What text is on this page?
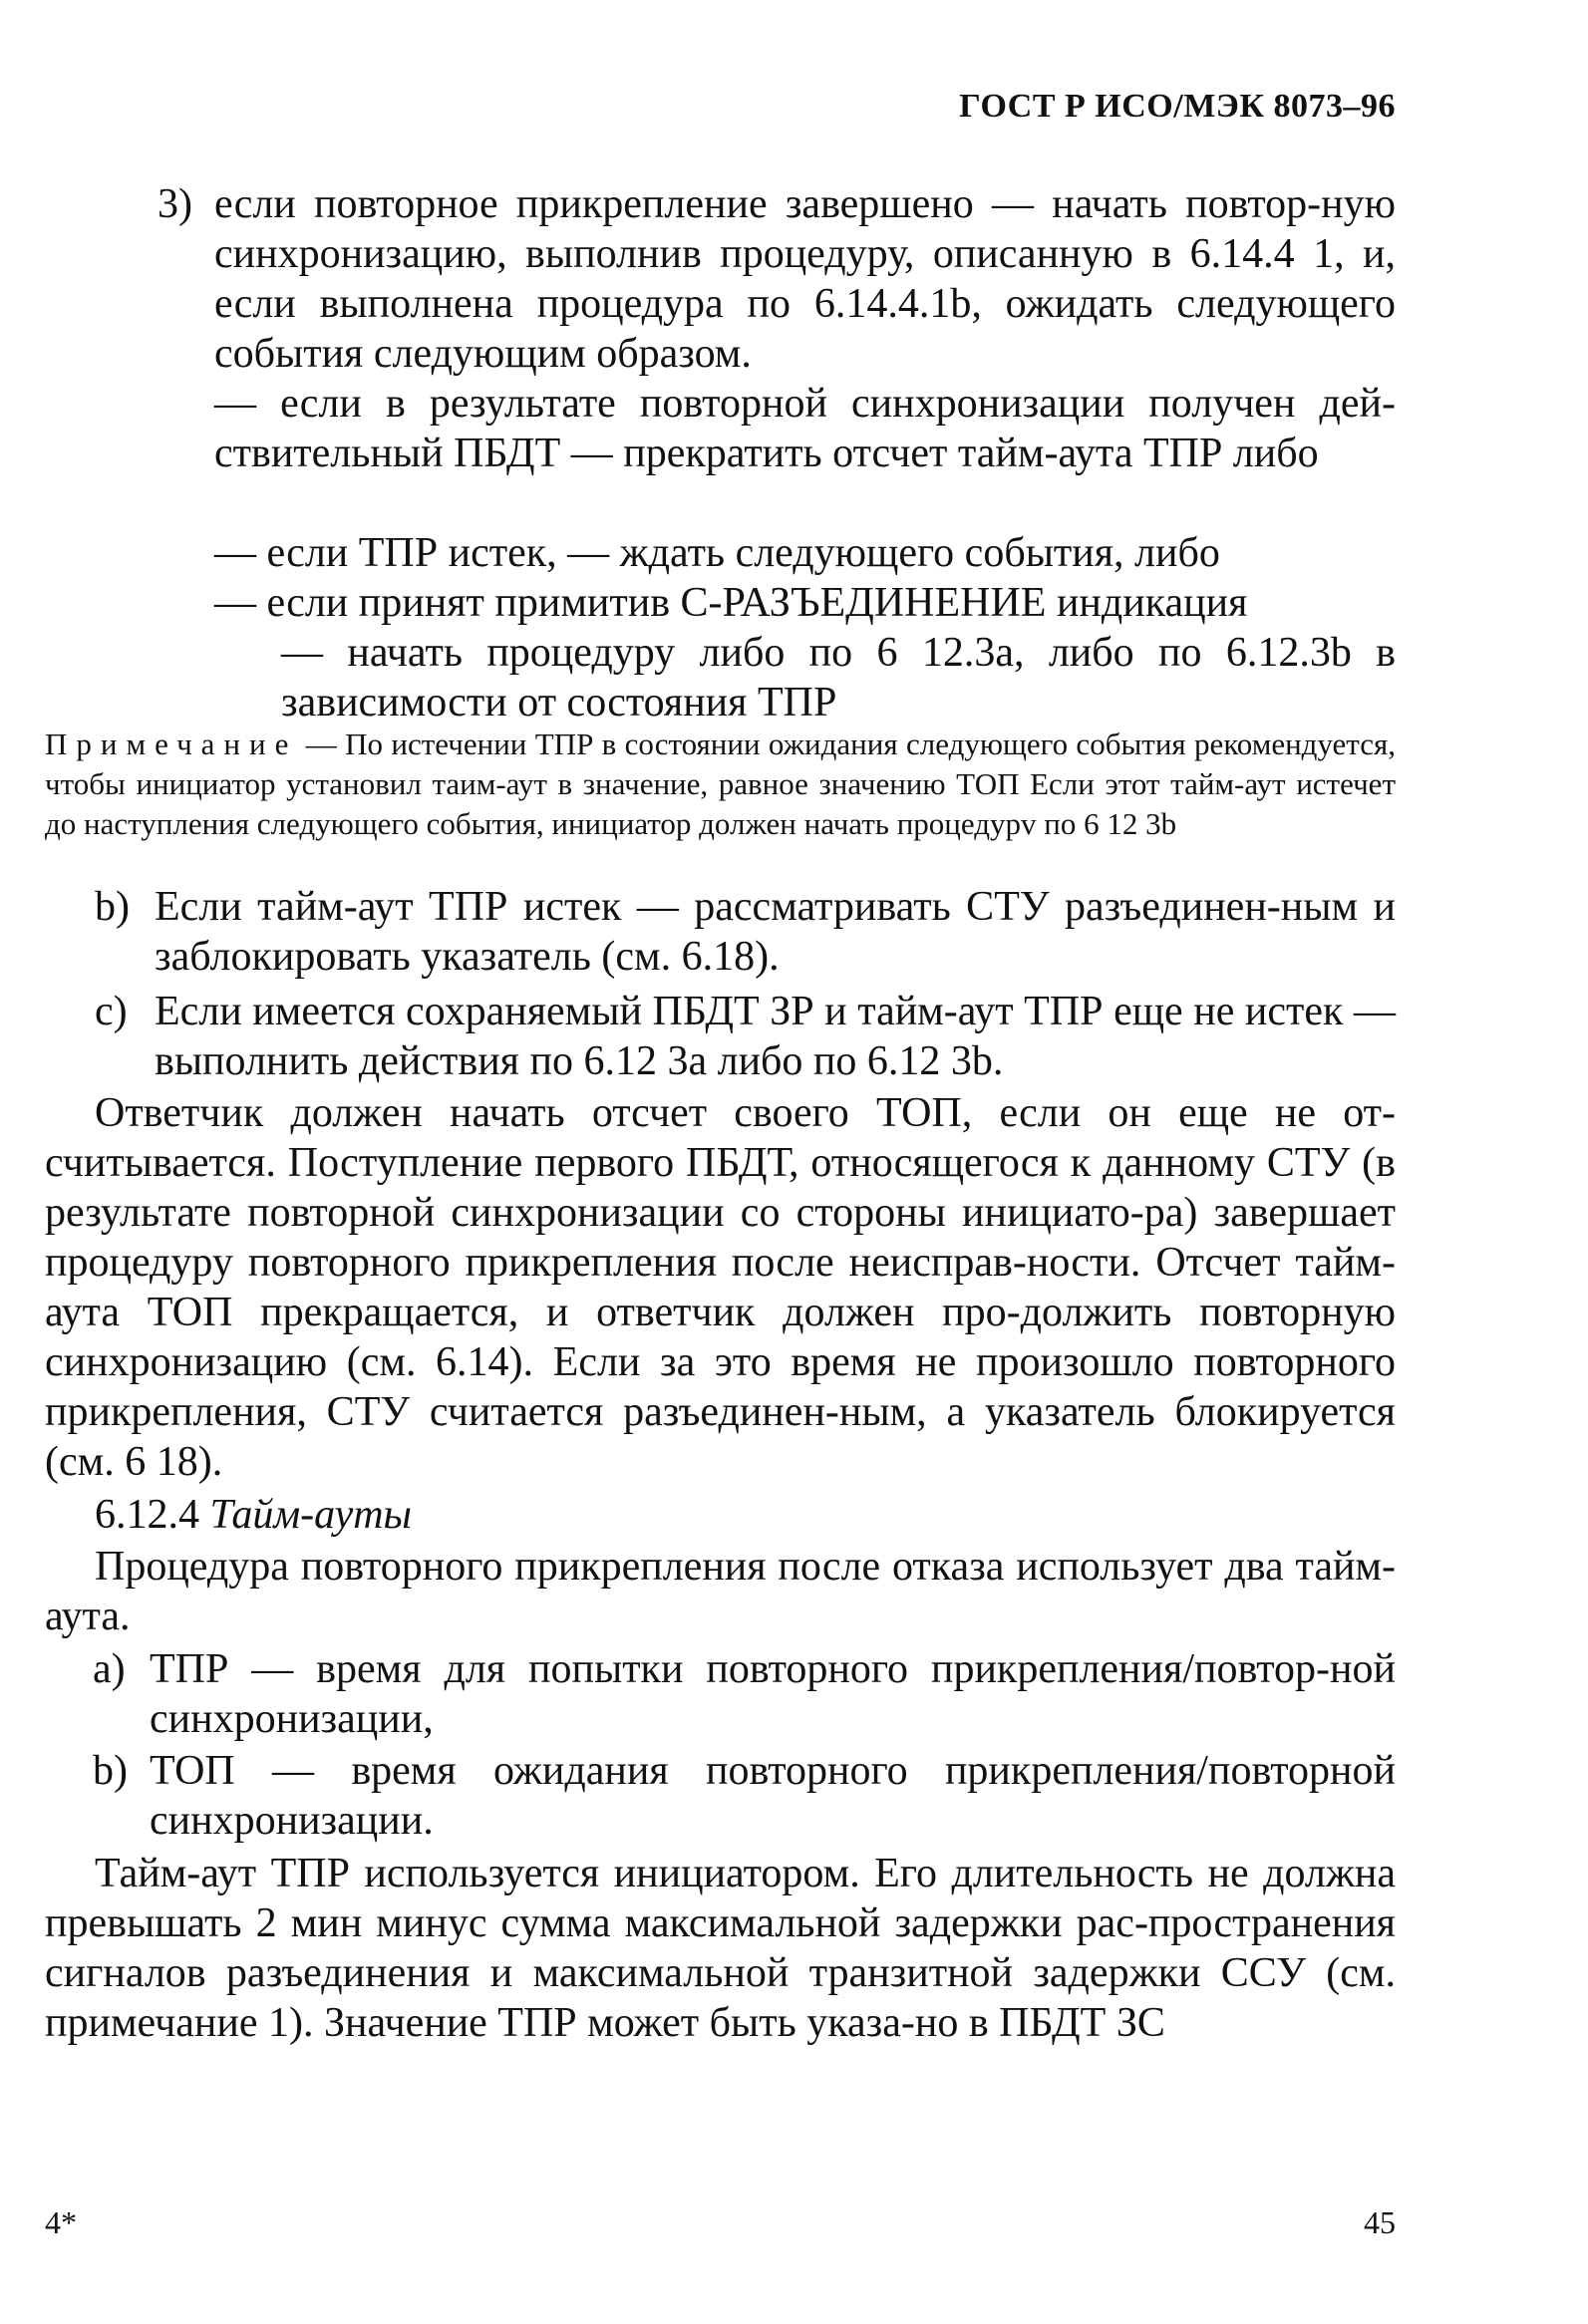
ГОСТ Р ИСО/МЭК 8073–96
3) если повторное прикрепление завершено — начать повтор-ную синхронизацию, выполнив процедуру, описанную в 6.14.4 1, и, если выполнена процедура по 6.14.4.1b, ожидать следующего события следующим образом.
— если в результате повторной синхронизации получен дей-ствительный ПБДТ — прекратить отсчет тайм-аута ТПР либо
— если ТПР истек, — ждать следующего события, либо
— если принят примитив С-РАЗЪЕДИНЕНИЕ индикация
— начать процедуру либо по 6 12.3а, либо по 6.12.3b в зависимости от состояния ТПР
Примечание — По истечении ТПР в состоянии ожидания следующего события рекомендуется, чтобы инициатор установил таим-аут в значение, равное значению ТОП Если этот тайм-аут истечет до наступления следующего события, инициатор должен начать процедурv по 6 12 3b
b) Если тайм-аут ТПР истек — рассматривать СТУ разъединен-ным и заблокировать указатель (см. 6.18).
c) Если имеется сохраняемый ПБДТ ЗР и тайм-аут ТПР еще не истек — выполнить действия по 6.12 3а либо по 6.12 3b.
Ответчик должен начать отсчет своего ТОП, если он еще не от-считывается. Поступление первого ПБДТ, относящегося к данному СТУ (в результате повторной синхронизации со стороны инициато-ра) завершает процедуру повторного прикрепления после неисправ-ности. Отсчет тайм-аута ТОП прекращается, и ответчик должен про-должить повторную синхронизацию (см. 6.14). Если за это время не произошло повторного прикрепления, СТУ считается разъединен-ным, а указатель блокируется (см. 6 18).
6.12.4 Тайм-ауты
Процедура повторного прикрепления после отказа использует два тайм-аута.
a) ТПР — время для попытки повторного прикрепления/повтор-ной синхронизации,
b) ТОП — время ожидания повторного прикрепления/повторной синхронизации.
Тайм-аут ТПР используется инициатором. Его длительность не должна превышать 2 мин минус сумма максимальной задержки рас-пространения сигналов разъединения и максимальной транзитной задержки ССУ (см. примечание 1). Значение ТПР может быть указа-но в ПБДТ ЗС
4*	45
